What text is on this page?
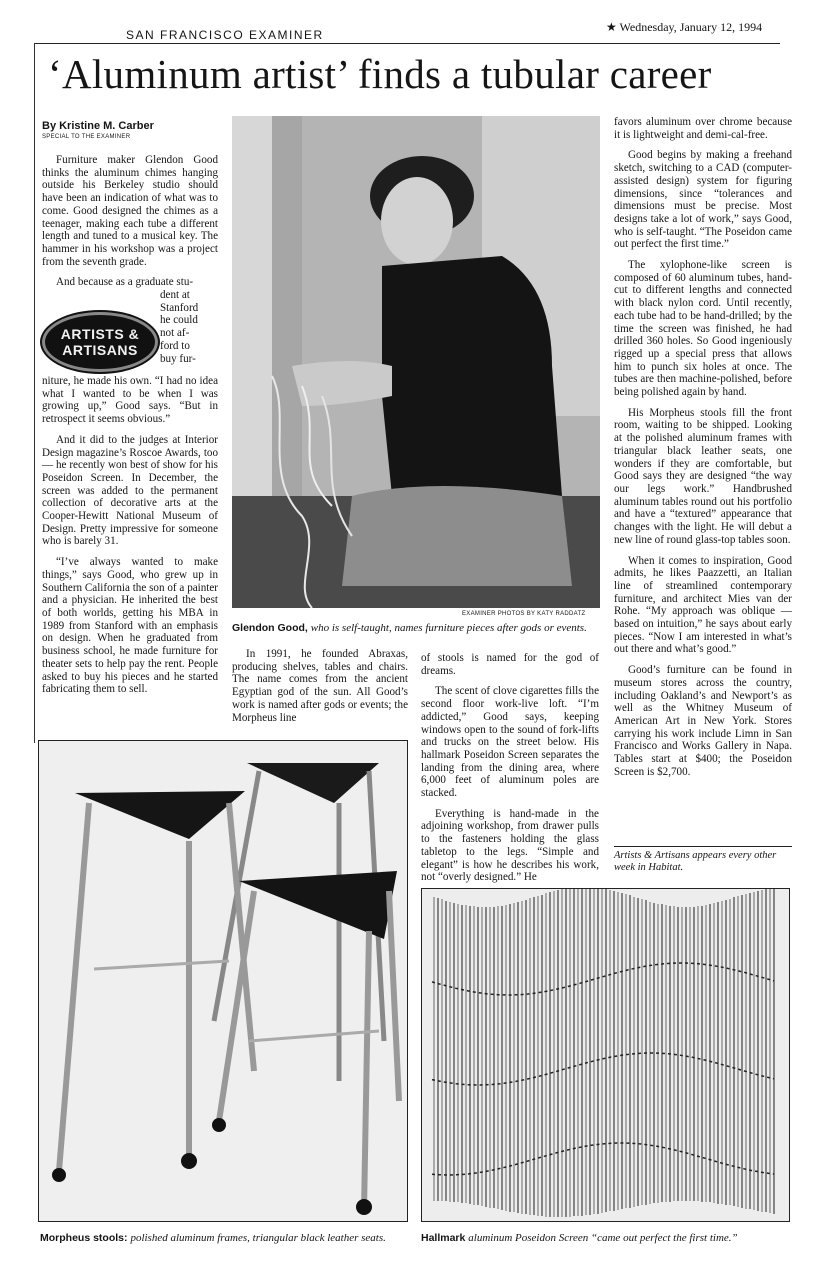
SAN FRANCISCO EXAMINER
★ Wednesday, January 12, 1994
‘Aluminum artist’ finds a tubular career
By Kristine M. Carber
SPECIAL TO THE EXAMINER

Furniture maker Glendon Good thinks the aluminum chimes hanging outside his Berkeley studio should have been an indication of what was to come. Good designed the chimes as a teenager, making each tube a different length and tuned to a musical key. The hammer in his workshop was a project from the seventh grade.

And because as a graduate stu-

dent at
Stanford
he could
not af-
ford to
buy fur-

niture, he made his own. “I had no idea what I wanted to be when I was growing up,” Good says. “But in retrospect it seems obvious.”

And it did to the judges at Interior Design magazine’s Roscoe Awards, too — he recently won best of show for his Poseidon Screen. In December, the screen was added to the permanent collection of decorative arts at the Cooper-Hewitt National Museum of Design. Pretty impressive for someone who is barely 31.

“I’ve always wanted to make things,” says Good, who grew up in Southern California the son of a painter and a physician. He inherited the best of both worlds, getting his MBA in 1989 from Stanford with an emphasis on design. When he graduated from business school, he made furniture for theater sets to help pay the rent. People asked to buy his pieces and he started fabricating them to sell.

ARTISTS &
ARTISANS
EXAMINER PHOTOS BY KATY RADDATZ
Glendon Good, who is self-taught, names furniture pieces after gods or events.

In 1991, he founded Abraxas, producing shelves, tables and chairs. The name comes from the ancient Egyptian god of the sun. All Good’s work is named after gods or events; the Morpheus line

of stools is named for the god of dreams.

The scent of clove cigarettes fills the second floor work-live loft. “I’m addicted,” Good says, keeping windows open to the sound of fork-lifts and trucks on the street below. His hallmark Poseidon Screen separates the landing from the dining area, where 6,000 feet of aluminum poles are stacked.

Everything is hand-made in the adjoining workshop, from drawer pulls to the fasteners holding the glass tabletop to the legs. “Simple and elegant” is how he describes his work, not “overly designed.” He

favors aluminum over chrome because it is lightweight and demi-cal-free.

Good begins by making a freehand sketch, switching to a CAD (computer-assisted design) system for figuring dimensions, since “tolerances and dimensions must be precise. Most designs take a lot of work,” says Good, who is self-taught. “The Poseidon came out perfect the first time.”

The xylophone-like screen is composed of 60 aluminum tubes, hand-cut to different lengths and connected with black nylon cord. Until recently, each tube had to be hand-drilled; by the time the screen was finished, he had drilled 360 holes. So Good ingeniously rigged up a special press that allows him to punch six holes at once. The tubes are then machine-polished, before being polished again by hand.

His Morpheus stools fill the front room, waiting to be shipped. Looking at the polished aluminum frames with triangular black leather seats, one wonders if they are comfortable, but Good says they are designed “the way our legs work.” Handbrushed aluminum tables round out his portfolio and have a “textured” appearance that changes with the light. He will debut a new line of round glass-top tables soon.

When it comes to inspiration, Good admits, he likes Paazzetti, an Italian line of streamlined contemporary furniture, and architect Mies van der Rohe. “My approach was oblique — based on intuition,” he says about early pieces. “Now I am interested in what’s out there and what’s good.”

Good’s furniture can be found in museum stores across the country, including Oakland’s and Newport’s as well as the Whitney Museum of American Art in New York. Stores carrying his work include Limn in San Francisco and Works Gallery in Napa. Tables start at $400; the Poseidon Screen is $2,700.

Artists & Artisans appears every other week in Habitat.
Morpheus stools: polished aluminum frames, triangular black leather seats.	Hallmark aluminum Poseidon Screen “came out perfect the first time.”
